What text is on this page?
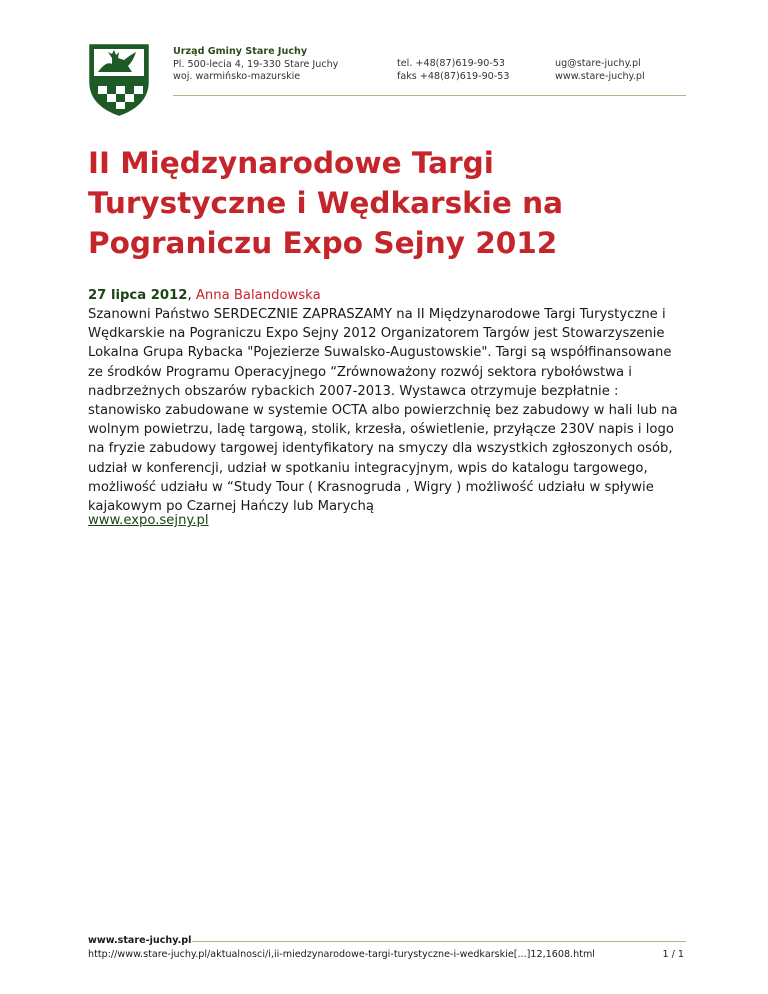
Urząd Gminy Stare Juchy
Pl. 500-lecia 4, 19-330 Stare Juchy
woj. warmińsko-mazurskie
tel. +48(87)619-90-53
faks +48(87)619-90-53
ug@stare-juchy.pl
www.stare-juchy.pl
II Międzynarodowe Targi Turystyczne i Wędkarskie na Pograniczu Expo Sejny 2012
27 lipca 2012, Anna Balandowska

Szanowni Państwo SERDECZNIE ZAPRASZAMY na II Międzynarodowe Targi Turystyczne i Wędkarskie na Pograniczu Expo Sejny 2012 Organizatorem Targów jest Stowarzyszenie Lokalna Grupa Rybacka "Pojezierze Suwalsko-Augustowskie". Targi są współfinansowane ze środków Programu Operacyjnego “Zrównoważony rozwój sektora rybołówstwa i nadbrzeżnych obszarów rybackich 2007-2013. Wystawca otrzymuje bezpłatnie : stanowisko zabudowane w systemie OCTA albo powierzchnię bez zabudowy w hali lub na wolnym powietrzu, ladę targową, stolik, krzesła, oświetlenie, przyłącze 230V napis i logo na fryzie zabudowy targowej identyfikatory na smyczy dla wszystkich zgłoszonych osób, udział w konferencji, udział w spotkaniu integracyjnym, wpis do katalogu targowego, możliwość udziału w “Study Tour ( Krasnogruda , Wigry ) możliwość udziału w spływie kajakowym po Czarnej Hańczy lub Marychą

www.expo.sejny.pl
www.stare-juchy.pl
http://www.stare-juchy.pl/aktualnosci/i,ii-miedzynarodowe-targi-turystyczne-i-wedkarskie[...]12,1608.html	1 / 1
